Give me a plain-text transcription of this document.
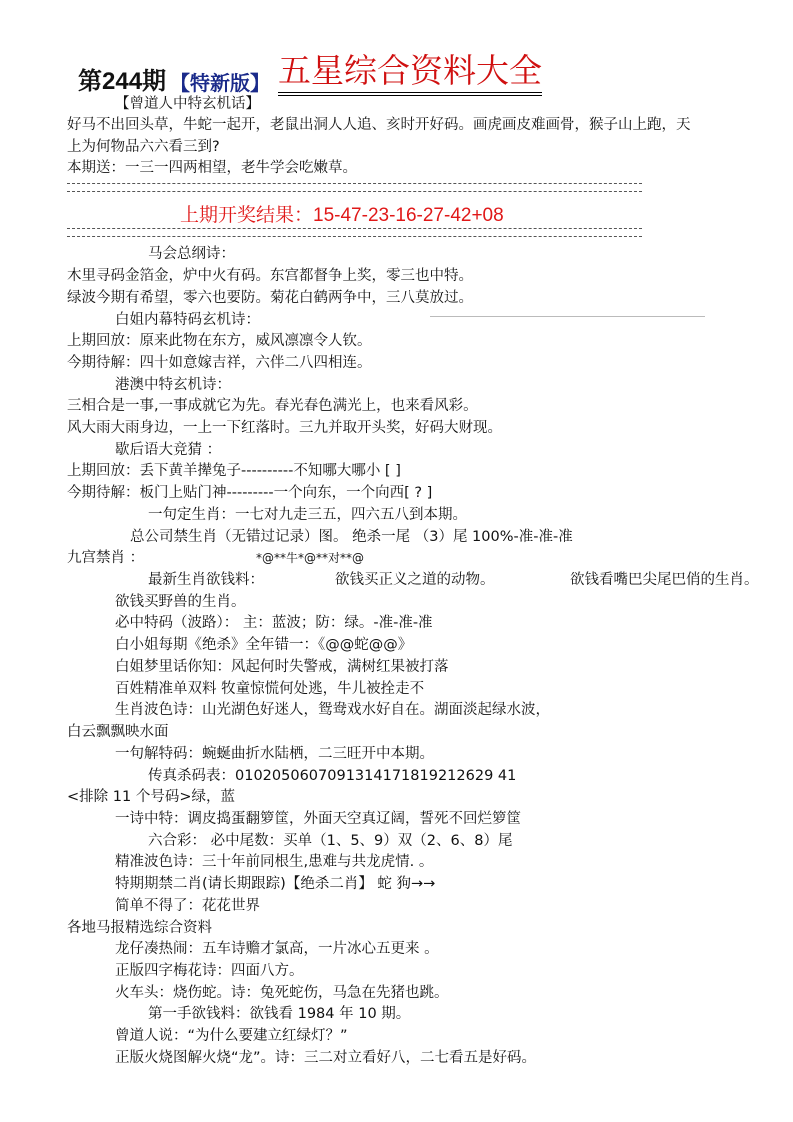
第244期 【特新版】 五星综合资料大全
【曾道人中特玄机话】
好马不出回头草，牛蛇一起开，老鼠出洞人人追、亥时开好码。画虎画皮难画骨，猴子山上跑，天
上为何物品六六看三到?
本期送：一三一四两相望，老牛学会吃嫩草。
上期开奖结果：15-47-23-16-27-42+08
马会总纲诗：
木里寻码金箔金，炉中火有码。东宫都督争上奖，零三也中特。
绿波今期有希望，零六也要防。菊花白鹤两争中，三八莫放过。
白姐内幕特码玄机诗：
上期回放：原来此物在东方，威风凛凛令人钦。
今期待解：四十如意嫁吉祥，六伴二八四相连。
港澳中特玄机诗：
三相合是一事,一事成就它为先。春光春色满光上，也来看风彩。
风大雨大雨身边，一上一下红落时。三九并取开头奖，好码大财现。
歇后语大竞猜 ：
上期回放：丢下黄羊撵兔子----------不知哪大哪小 [ ]
今期待解：板门上贴门神---------一个向东，一个向西[ ? ]
一句定生肖：一七对九走三五，四六五八到本期。
总公司禁生肖（无错过记录）图。 绝杀一尾 （3）尾 100%-准-准-准
九宫禁肖 ：	*@**牛*@**对**@
最新生肖欲钱料：	欲钱买正义之道的动物。	欲钱看嘴巴尖尾巴俏的生肖。
欲钱买野兽的生肖。
必中特码（波路）： 主：蓝波；防：绿。-准-准-准
白小姐每期《绝杀》全年错一：《@@蛇@@》
白姐梦里话你知：风起何时失警戒，满树红果被打落
百姓精准单双料 牧童惊慌何处逃，牛儿被拴走不
生肖波色诗：山光湖色好迷人，鸳鸯戏水好自在。湖面淡起绿水波，
白云飘飘映水面
一句解特码：蜿蜒曲折水陆栖，二三旺开中本期。
传真杀码表：0102050607091314171819212629 41
<排除 11 个号码>绿，蓝
一诗中特：调皮捣蛋翻箩筐，外面天空真辽阔，誓死不回烂箩筐
六合彩： 必中尾数：买单（1、5、9）双（2、6、8）尾
精准波色诗：三十年前同根生,患难与共龙虎情. 。
特期期禁二肖(请长期跟踪)【绝杀二肖】 蛇 狗→→
简单不得了：花花世界
各地马报精选综合资料
龙仔凑热闹：五车诗赡才氯高，一片冰心五更来 。
正版四字梅花诗：四面八方。
火车头：烧伤蛇。诗：兔死蛇伤，马急在先猪也跳。
第一手欲钱料：欲钱看 1984 年 10 期。
曾道人说：“为什么要建立红绿灯？”
正版火烧图解火烧“龙”。诗：三二对立看好八，二七看五是好码。
